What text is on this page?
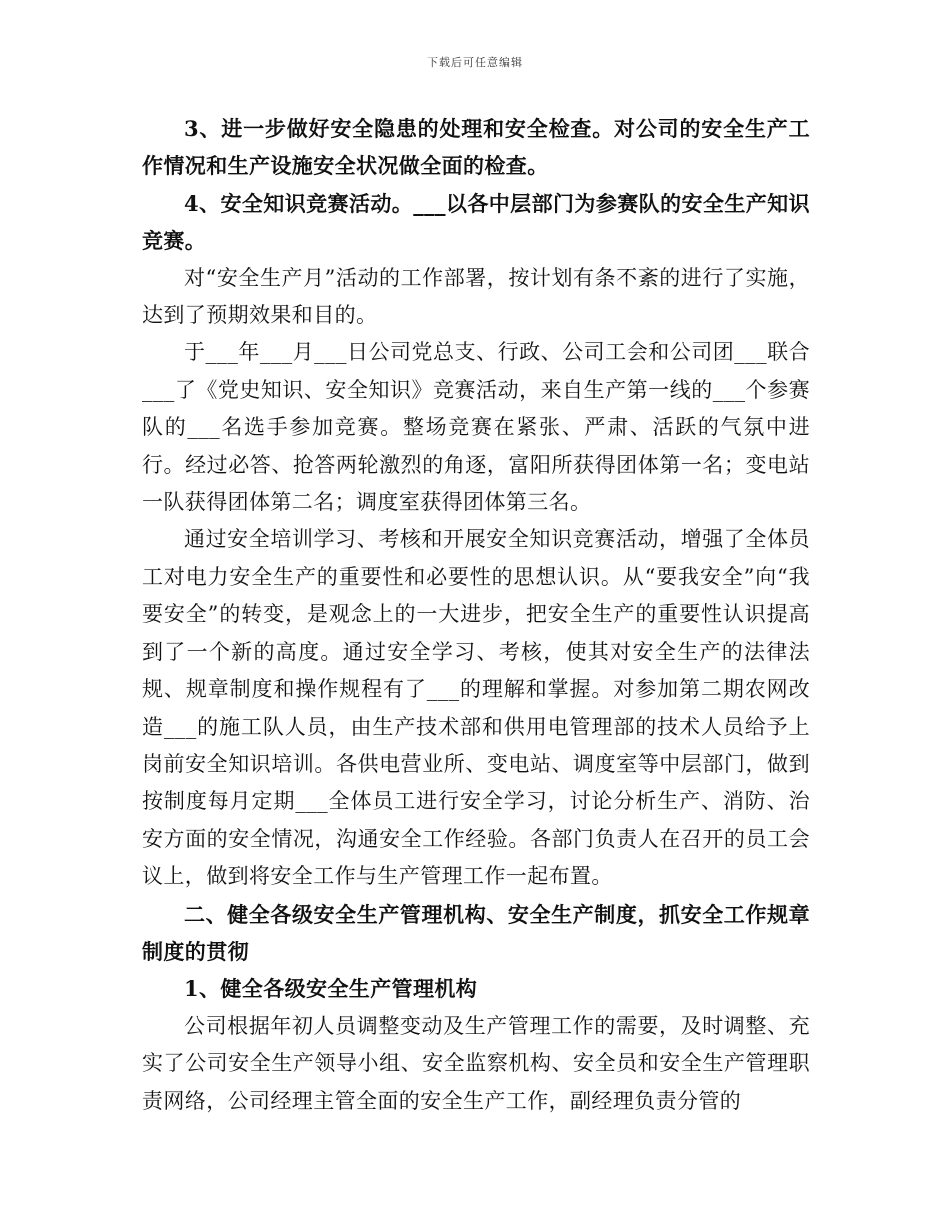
下载后可任意编辑

3、进一步做好安全隐患的处理和安全检查。对公司的安全生产工作情况和生产设施安全状况做全面的检查。

4、安全知识竞赛活动。___以各中层部门为参赛队的安全生产知识竞赛。

对“安全生产月”活动的工作部署，按计划有条不紊的进行了实施，达到了预期效果和目的。

于___年___月___日公司党总支、行政、公司工会和公司团___联合___了《党史知识、安全知识》竞赛活动，来自生产第一线的___个参赛队的___名选手参加竞赛。整场竞赛在紧张、严肃、活跃的气氛中进行。经过必答、抢答两轮激烈的角逐，富阳所获得团体第一名；变电站一队获得团体第二名；调度室获得团体第三名。

通过安全培训学习、考核和开展安全知识竞赛活动，增强了全体员工对电力安全生产的重要性和必要性的思想认识。从“要我安全”向“我要安全”的转变，是观念上的一大进步，把安全生产的重要性认识提高到了一个新的高度。通过安全学习、考核，使其对安全生产的法律法规、规章制度和操作规程有了___的理解和掌握。对参加第二期农网改造___的施工队人员，由生产技术部和供用电管理部的技术人员给予上岗前安全知识培训。各供电营业所、变电站、调度室等中层部门，做到按制度每月定期___全体员工进行安全学习，讨论分析生产、消防、治安方面的安全情况，沟通安全工作经验。各部门负责人在召开的员工会议上，做到将安全工作与生产管理工作一起布置。

二、健全各级安全生产管理机构、安全生产制度，抓安全工作规章制度的贯彻

1、健全各级安全生产管理机构

公司根据年初人员调整变动及生产管理工作的需要，及时调整、充实了公司安全生产领导小组、安全监察机构、安全员和安全生产管理职责网络，公司经理主管全面的安全生产工作，副经理负责分管的
